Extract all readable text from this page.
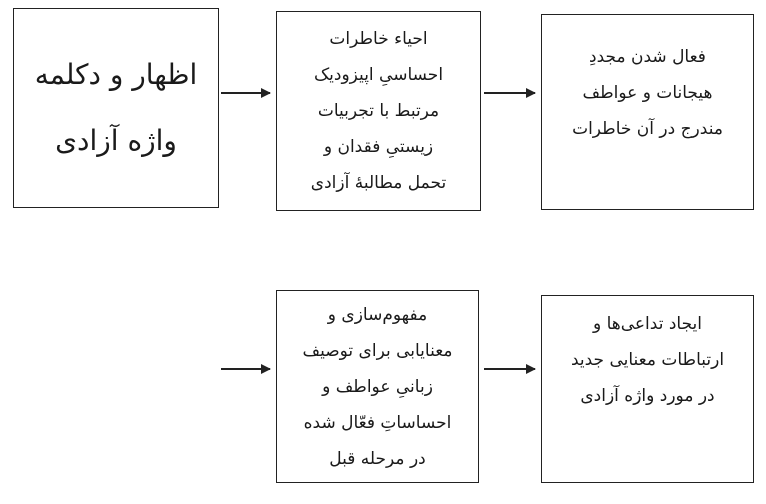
اظهار و دکلمه
واژه آزادی
احیاء خاطرات
احساسیِ اپیزودیک
مرتبط با تجربیات
زیستیِ فقدان و
تحمل مطالبهٔ آزادی
فعال شدن مجددِ
هیجانات و عواطف
مندرج در آن خاطرات
مفهوم‌سازی و
معنایابی برای توصیف
زبانیِ عواطف و
احساساتِ فعّال شده
در مرحله قبل
ایجاد تداعی‌ها و
ارتباطات معنایی جدید
در مورد واژه آزادی
